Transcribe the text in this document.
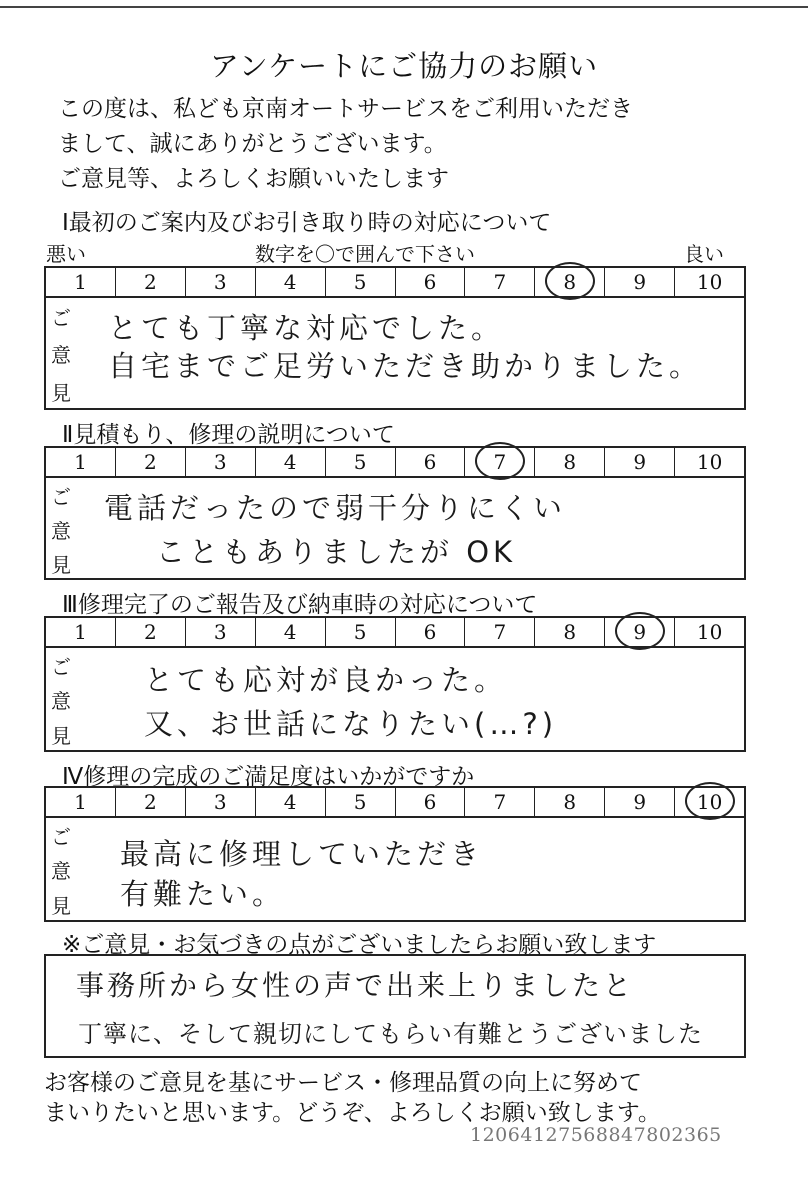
アンケートにご協力のお願い
この度は、私ども京南オートサービスをご利用いただき
まして、誠にありがとうございます。
ご意見等、よろしくお願いいたします
Ⅰ最初のご案内及びお引き取り時の対応について
悪い	数字を〇で囲んで下さい	良い
1	2	3	4	5	6	7	8	9	10
ご
意
見
とても丁寧な対応でした。
自宅までご足労いただき助かりました。
Ⅱ見積もり、修理の説明について
1	2	3	4	5	6	7	8	9	10
ご
意
見
電話だったので弱干分りにくい
こともありましたが OK
Ⅲ修理完了のご報告及び納車時の対応について
1	2	3	4	5	6	7	8	9	10
ご
意
見
とても応対が良かった。
又、お世話になりたい(…?)
Ⅳ修理の完成のご満足度はいかがですか
1	2	3	4	5	6	7	8	9	10
ご
意
見
最高に修理していただき
有難たい。
※ご意見・お気づきの点がございましたらお願い致します
事務所から女性の声で出来上りましたと
丁寧に、そして親切にしてもらい有難とうございました
お客様のご意見を基にサービス・修理品質の向上に努めて
まいりたいと思います。どうぞ、よろしくお願い致します。
12064127568847802365
